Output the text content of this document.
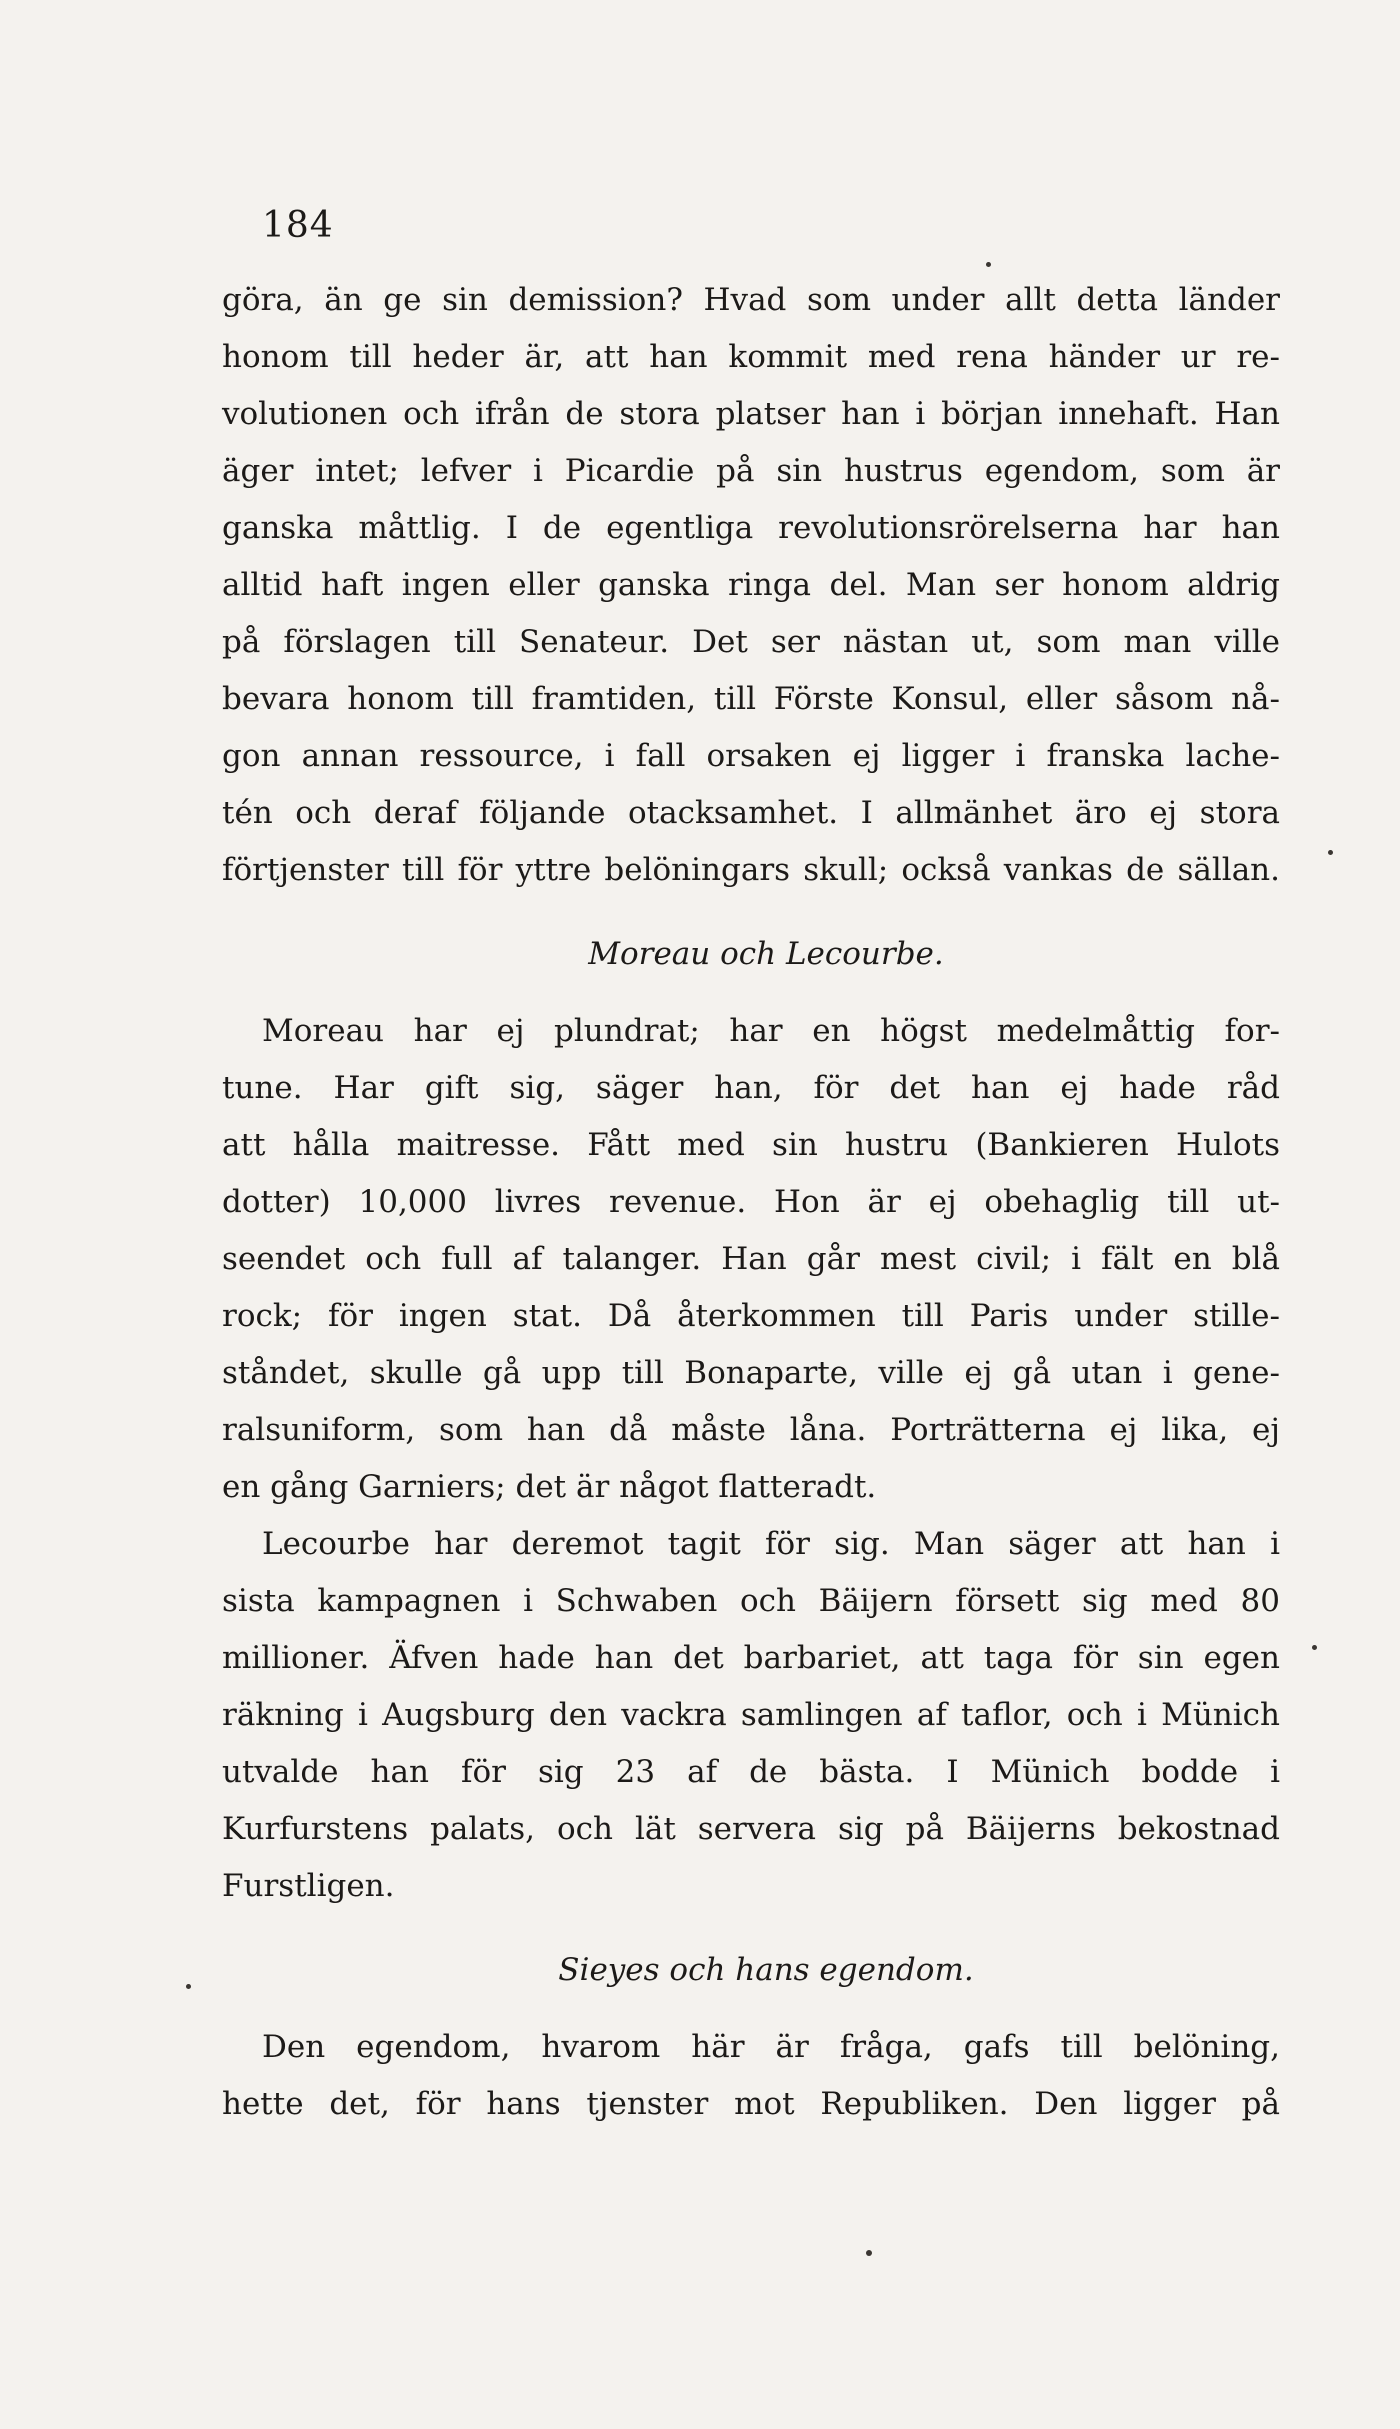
184
göra, än ge sin demission? Hvad som under allt detta länder
honom till heder är, att han kommit med rena händer ur re-
volutionen och ifrån de stora platser han i början innehaft. Han
äger intet; lefver i Picardie på sin hustrus egendom, som är
ganska måttlig. I de egentliga revolutionsrörelserna har han
alltid haft ingen eller ganska ringa del. Man ser honom aldrig
på förslagen till Senateur. Det ser nästan ut, som man ville
bevara honom till framtiden, till Förste Konsul, eller såsom nå-
gon annan ressource, i fall orsaken ej ligger i franska lache-
tén och deraf följande otacksamhet. I allmänhet äro ej stora
förtjenster till för yttre belöningars skull; också vankas de sällan.
Moreau och Lecourbe.
Moreau har ej plundrat; har en högst medelmåttig for-
tune. Har gift sig, säger han, för det han ej hade råd
att hålla maitresse. Fått med sin hustru (Bankieren Hulots
dotter) 10,000 livres revenue. Hon är ej obehaglig till ut-
seendet och full af talanger. Han går mest civil; i fält en blå
rock; för ingen stat. Då återkommen till Paris under stille-
ståndet, skulle gå upp till Bonaparte, ville ej gå utan i gene-
ralsuniform, som han då måste låna. Porträtterna ej lika, ej
en gång Garniers; det är något flatteradt.
Lecourbe har deremot tagit för sig. Man säger att han i
sista kampagnen i Schwaben och Bäijern försett sig med 80
millioner. Äfven hade han det barbariet, att taga för sin egen
räkning i Augsburg den vackra samlingen af taflor, och i Münich
utvalde han för sig 23 af de bästa. I Münich bodde i
Kurfurstens palats, och lät servera sig på Bäijerns bekostnad
Furstligen.
Sieyes och hans egendom.
Den egendom, hvarom här är fråga, gafs till belöning,
hette det, för hans tjenster mot Republiken. Den ligger på
